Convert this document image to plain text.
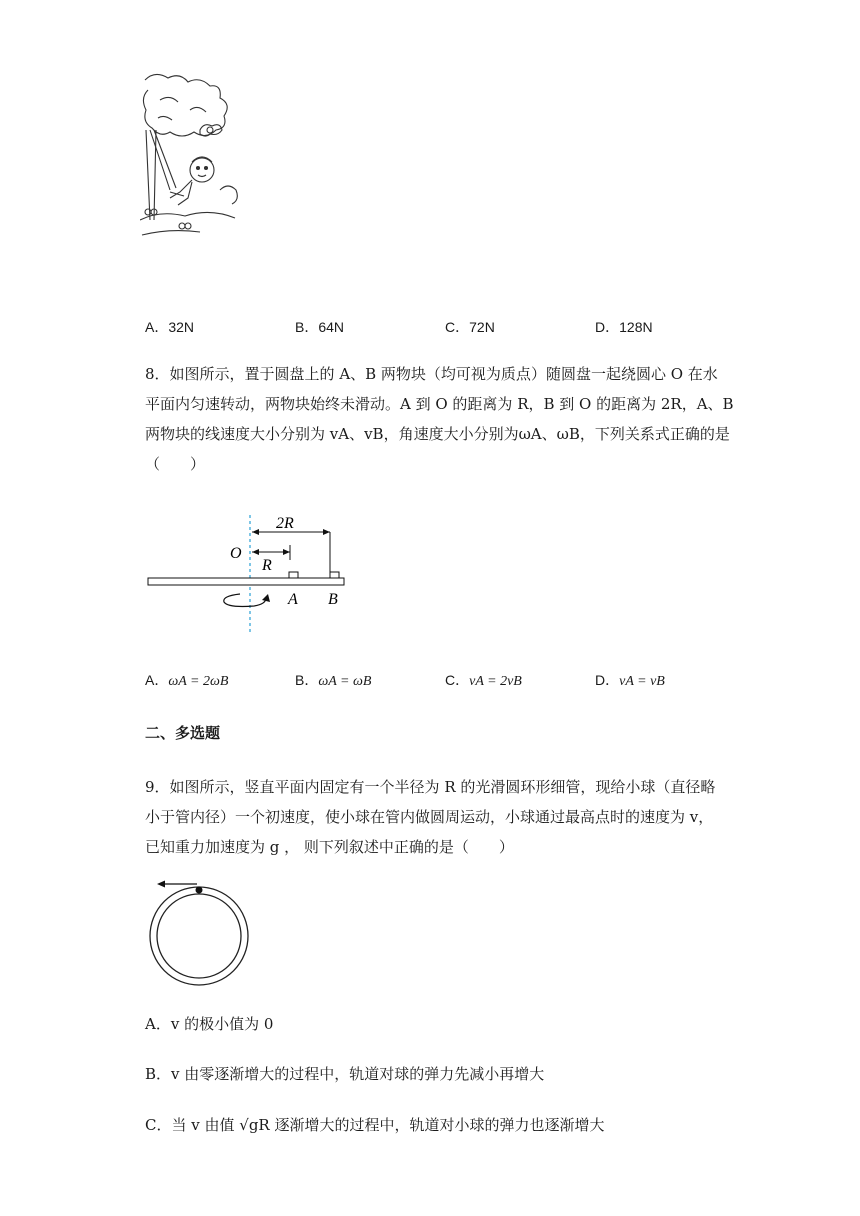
A．32N	B．64N	C．72N	D．128N
8．如图所示，置于圆盘上的 A、B 两物块（均可视为质点）随圆盘一起绕圆心 O 在水
平面内匀速转动，两物块始终未滑动。A 到 O 的距离为 R，B 到 O 的距离为 2R，A、B
两物块的线速度大小分别为 vA、vB，角速度大小分别为ωA、ωB，下列关系式正确的是
（　　）
2R
O
R
A B
A．ωA = 2ωB	B．ωA = ωB	C．vA = 2vB	D．vA = vB
二、多选题
9．如图所示，竖直平面内固定有一个半径为 R 的光滑圆环形细管，现给小球（直径略
小于管内径）一个初速度，使小球在管内做圆周运动，小球通过最高点时的速度为 v，
已知重力加速度为 g ， 则下列叙述中正确的是（　　）
A．v 的极小值为 0
B．v 由零逐渐增大的过程中，轨道对球的弹力先减小再增大
C．当 v 由值 √gR 逐渐增大的过程中，轨道对小球的弹力也逐渐增大
